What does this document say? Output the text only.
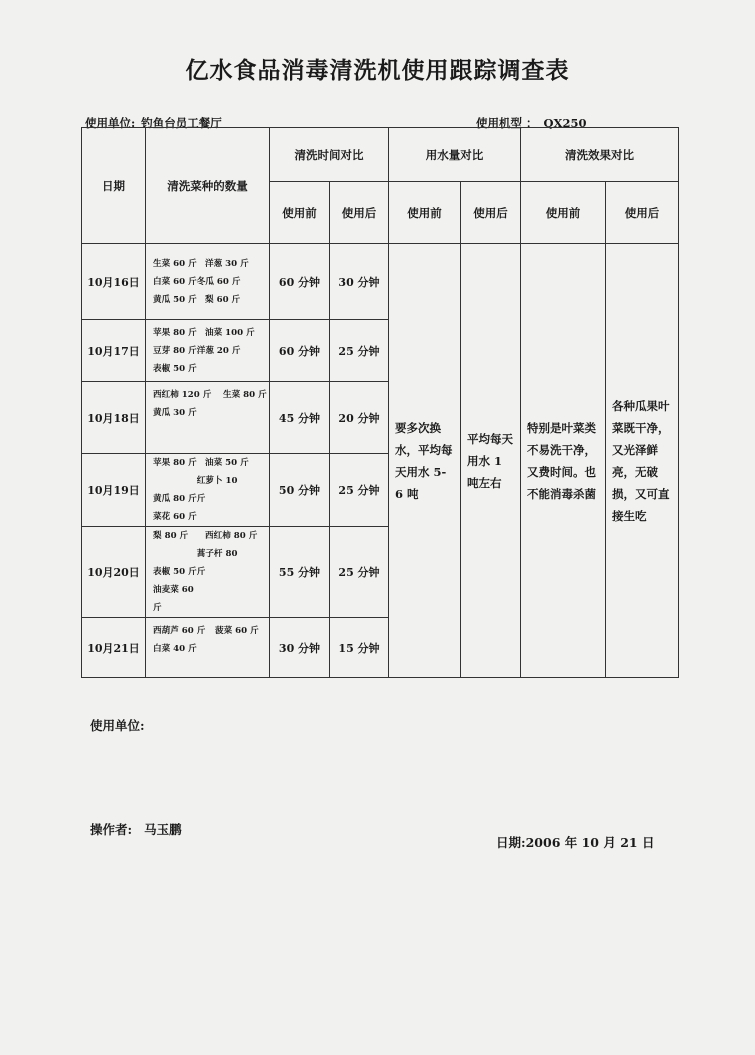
亿水食品消毒清洗机使用跟踪调查表
使用单位: 钓鱼台员工餐厅	使用机型 ： QX250
日期	清洗菜种的数量	清洗时间对比		用水量对比		清洗效果对比	
		使用前	使用后	使用前	使用后	使用前	使用后
10月16日	生菜 60 斤 洋葱 30 斤
白菜 60 斤冬瓜 60 斤
黄瓜 50 斤 梨 60 斤	60 分钟	30 分钟	要多次换水，平均每天用水 5-6 吨	平均每天用水 1 吨左右	特别是叶菜类不易洗干净，又费时间。也不能消毒杀菌	各种瓜果叶菜既干净，又光泽鲜亮，无破损，又可直接生吃
10月17日	苹果 80 斤 油菜 100 斤
豆芽 80 斤洋葱 20 斤
表椒 50 斤	60 分钟	25 分钟				
10月18日	西红柿 120 斤 生菜 80 斤
黄瓜 30 斤	45 分钟	20 分钟				
10月19日	苹果 80 斤 油菜 50 斤
黄瓜 80 斤红萝卜 10 斤
菜花 60 斤	50 分钟	25 分钟				
10月20日	梨 80 斤 西红柿 80 斤
表椒 50 斤蒿子杆 80 斤
油麦菜 60 斤	55 分钟	25 分钟				
10月21日	西葫芦 60 斤 菠菜 60 斤
白菜 40 斤	30 分钟	15 分钟				
使用单位:
操作者: 马玉鹏
日期:2006 年 10 月 21 日
